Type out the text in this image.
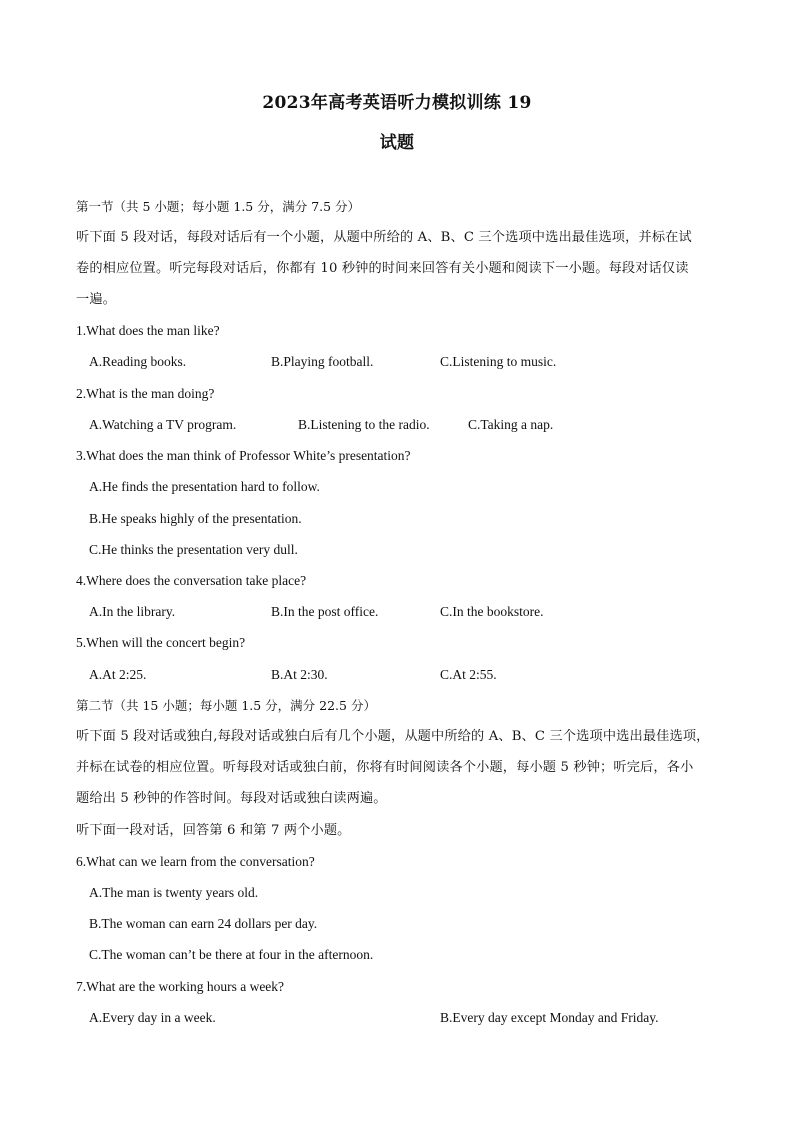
2023年高考英语听力模拟训练 19
试题
第一节（共 5 小题；每小题 1.5 分，满分 7.5 分）
听下面 5 段对话，每段对话后有一个小题，从题中所给的 A、B、C 三个选项中选出最佳选项，并标在试
卷的相应位置。听完每段对话后，你都有 10 秒钟的时间来回答有关小题和阅读下一小题。每段对话仅读
一遍。
1.What does the man like?
A.Reading books.	B.Playing football.	C.Listening to music.
2.What is the man doing?
A.Watching a TV program.	B.Listening to the radio.	C.Taking a nap.
3.What does the man think of Professor White’s presentation?
A.He finds the presentation hard to follow.
B.He speaks highly of the presentation.
C.He thinks the presentation very dull.
4.Where does the conversation take place?
A.In the library.	B.In the post office.	C.In the bookstore.
5.When will the concert begin?
A.At 2:25.	B.At 2:30.	C.At 2:55.
第二节（共 15 小题；每小题 1.5 分，满分 22.5 分）
听下面 5 段对话或独白,每段对话或独白后有几个小题，从题中所给的 A、B、C 三个选项中选出最佳选项，
并标在试卷的相应位置。听每段对话或独白前，你将有时间阅读各个小题，每小题 5 秒钟；听完后，各小
题给出 5 秒钟的作答时间。每段对话或独白读两遍。
听下面一段对话，回答第 6 和第 7 两个小题。
6.What can we learn from the conversation?
A.The man is twenty years old.
B.The woman can earn 24 dollars per day.
C.The woman can’t be there at four in the afternoon.
7.What are the working hours a week?
A.Every day in a week.	B.Every day except Monday and Friday.
